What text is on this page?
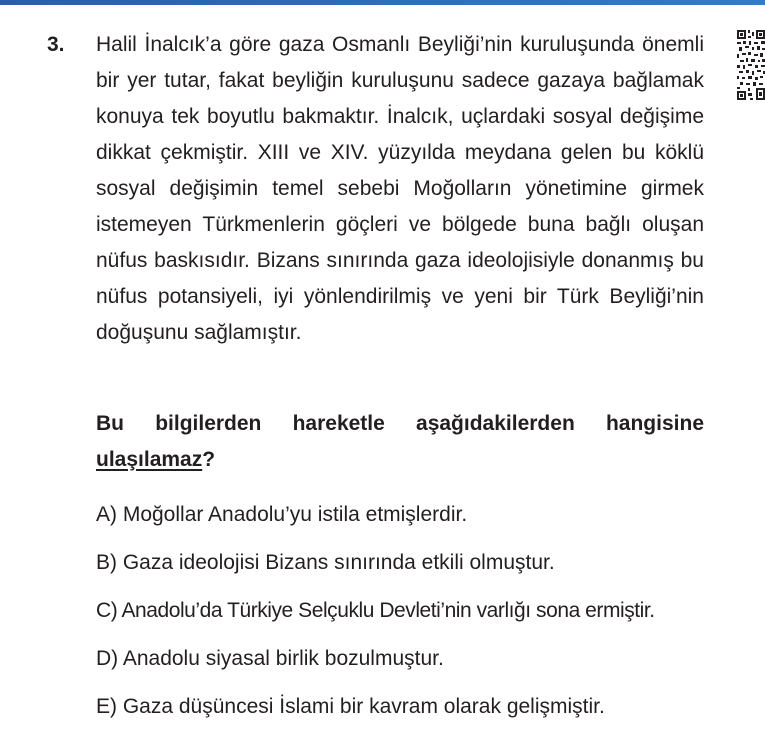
3. Halil İnalcık’a göre gaza Osmanlı Beyliği’nin kuruluşunda önemli bir yer tutar, fakat beyliğin kuruluşunu sadece gazaya bağlamak konuya tek boyutlu bakmaktır. İnalcık, uçlardaki sosyal değişime dikkat çekmiştir. XIII ve XIV. yüzyılda meydana gelen bu köklü sosyal değişimin temel sebebi Moğolların yönetimine girmek istemeyen Türkmenlerin göçleri ve bölgede buna bağlı oluşan nüfus baskısıdır. Bizans sınırında gaza ideolojisiyle donanmış bu nüfus potansiyeli, iyi yönlendirilmiş ve yeni bir Türk Beyliği’nin doğuşunu sağlamıştır.

Bu bilgilerden hareketle aşağıdakilerden hangisine ulaşılamaz?

A) Moğollar Anadolu’yu istila etmişlerdir.
B) Gaza ideolojisi Bizans sınırında etkili olmuştur.
C) Anadolu’da Türkiye Selçuklu Devleti’nin varlığı sona ermiştir.
D) Anadolu siyasal birlik bozulmuştur.
E) Gaza düşüncesi İslami bir kavram olarak gelişmiştir.
